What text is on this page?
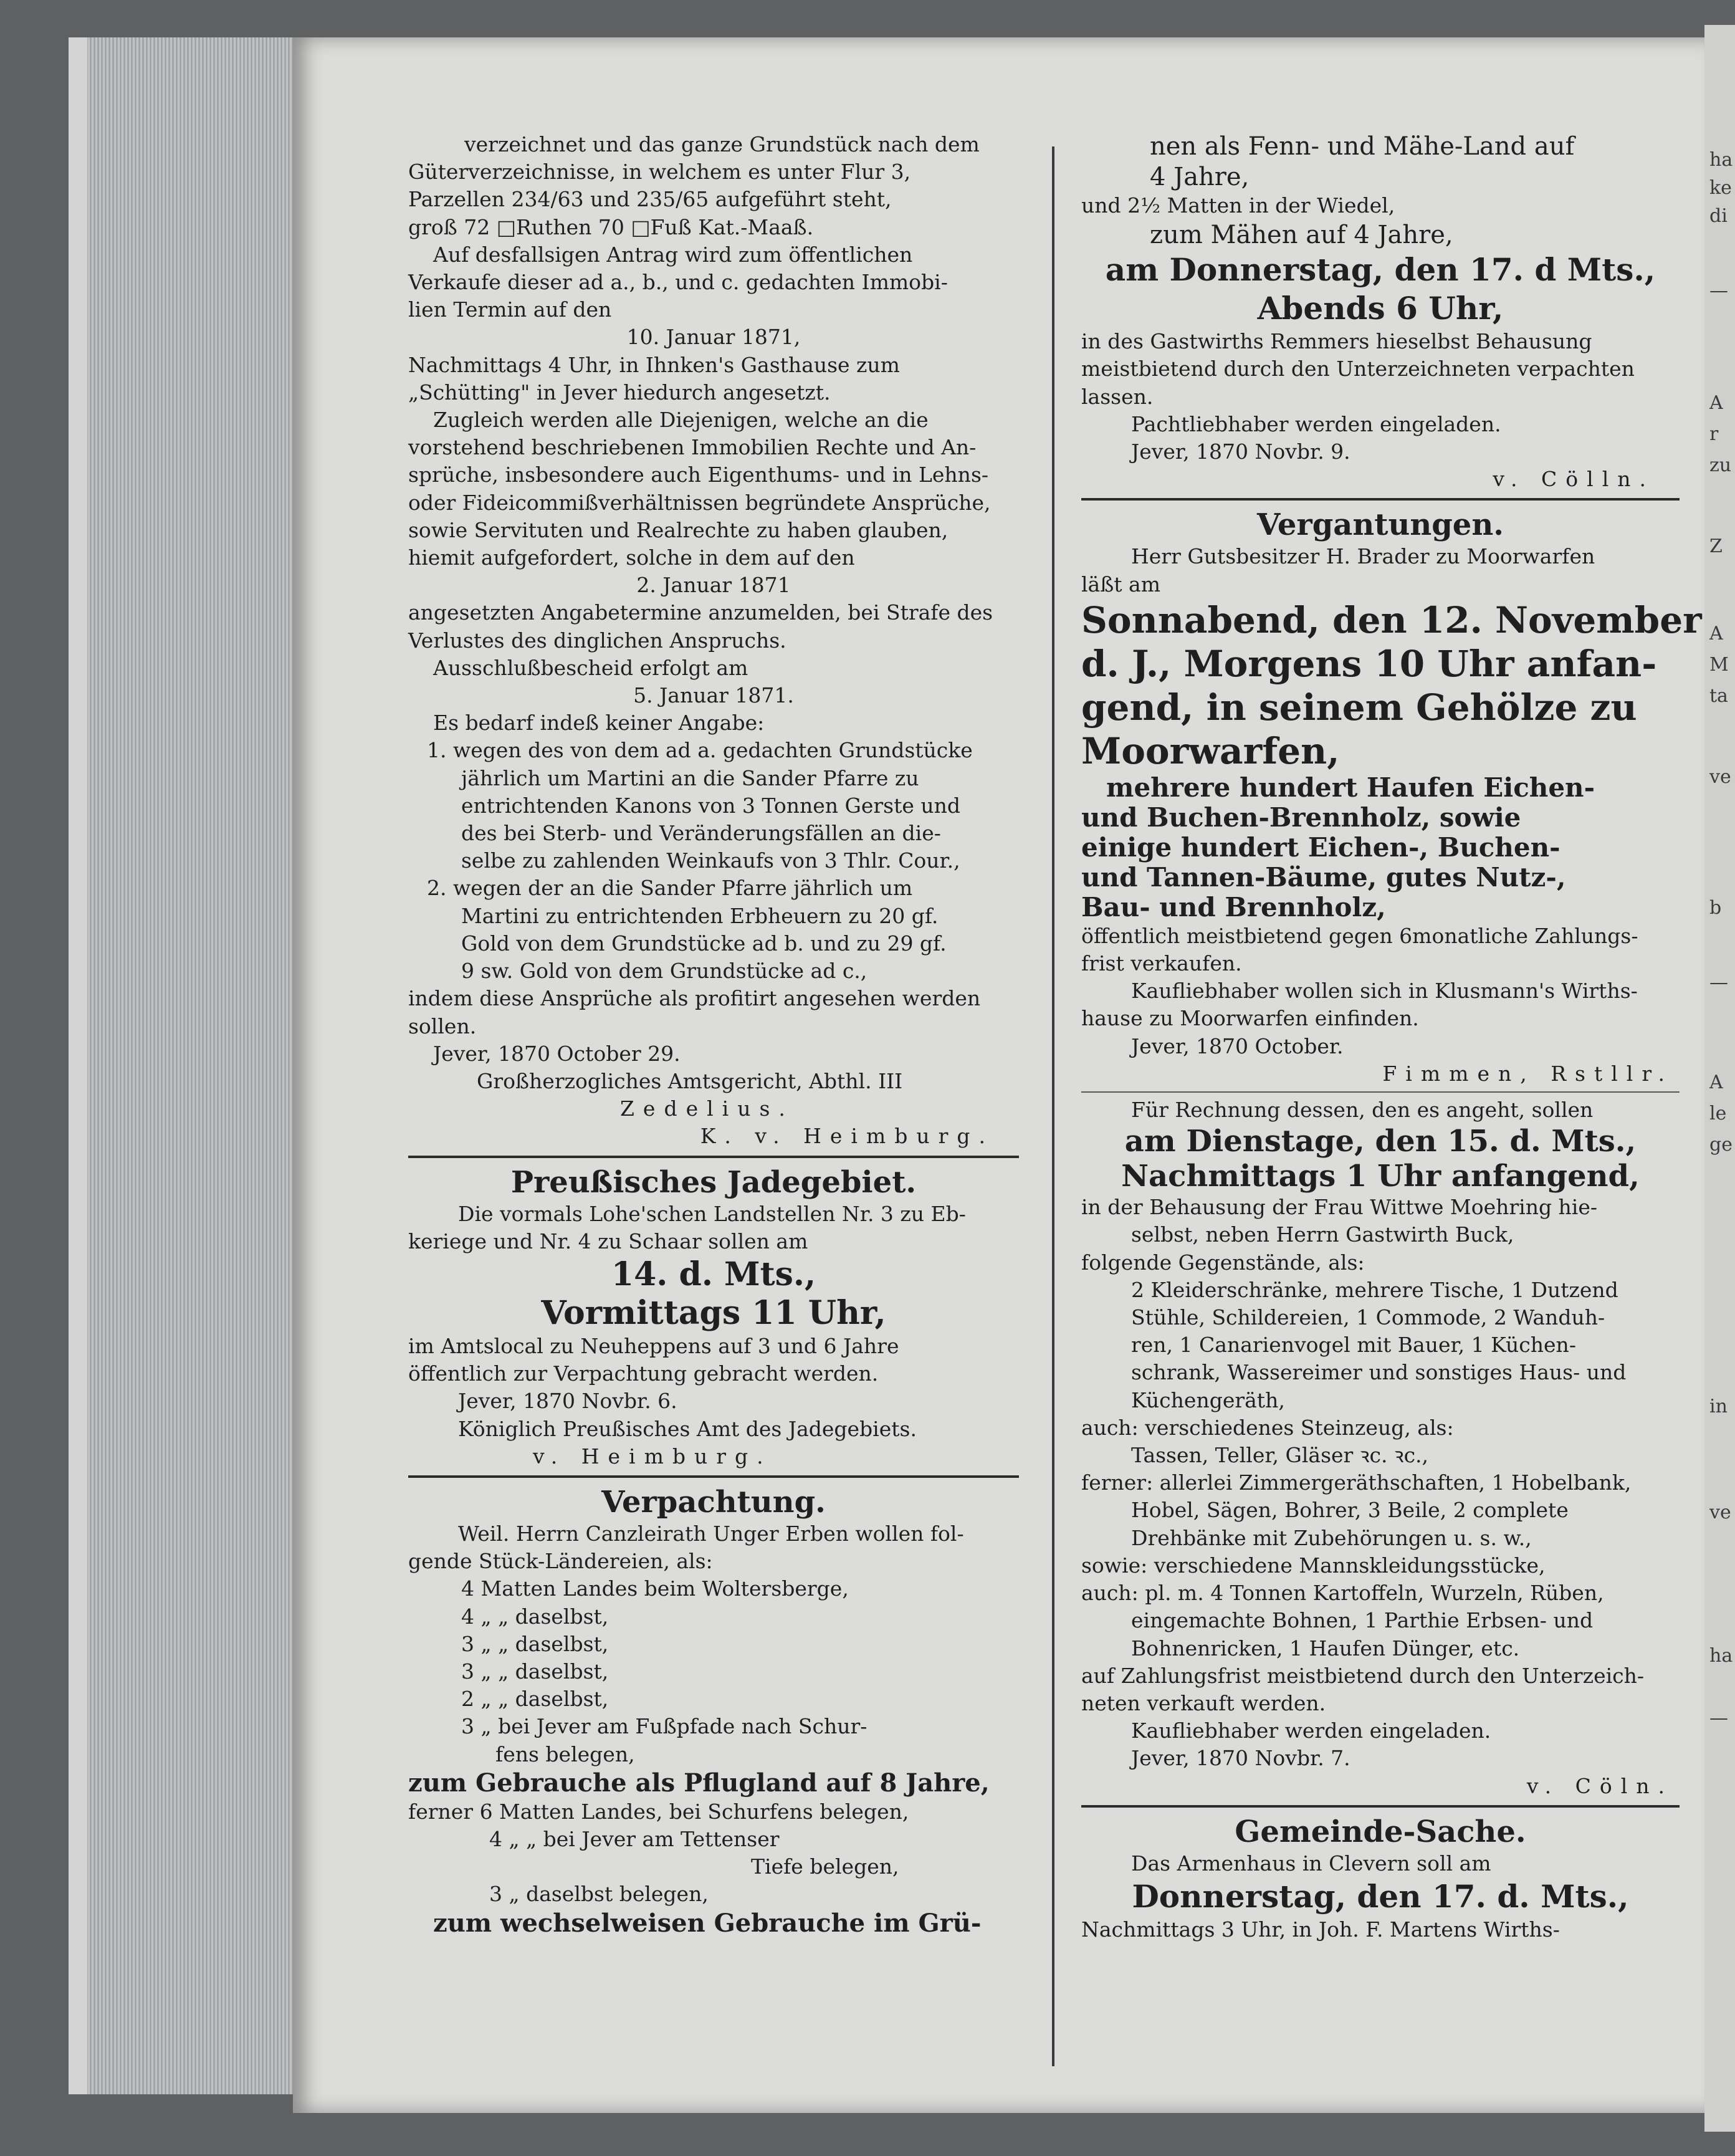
ha
ke
di
—
A
r
zu
Z
A
M
ta
ve
b
—
A
le
ge
in
ve
ha
—
verzeichnet und das ganze Grundstück nach dem
Güterverzeichnisse, in welchem es unter Flur 3,
Parzellen 234/63 und 235/65 aufgeführt steht,
groß 72 □Ruthen 70 □Fuß Kat.-Maaß.
Auf desfallsigen Antrag wird zum öffentlichen
Verkaufe dieser ad a., b., und c. gedachten Immobi-
lien Termin auf den
10. Januar 1871,
Nachmittags 4 Uhr, in Ihnken's Gasthause zum
„Schütting" in Jever hiedurch angesetzt.
Zugleich werden alle Diejenigen, welche an die
vorstehend beschriebenen Immobilien Rechte und An-
sprüche, insbesondere auch Eigenthums- und in Lehns-
oder Fideicommißverhältnissen begründete Ansprüche,
sowie Servituten und Realrechte zu haben glauben,
hiemit aufgefordert, solche in dem auf den
2. Januar 1871
angesetzten Angabetermine anzumelden, bei Strafe des
Verlustes des dinglichen Anspruchs.
Ausschlußbescheid erfolgt am
5. Januar 1871.
Es bedarf indeß keiner Angabe:
1. wegen des von dem ad a. gedachten Grundstücke
jährlich um Martini an die Sander Pfarre zu
entrichtenden Kanons von 3 Tonnen Gerste und
des bei Sterb- und Veränderungsfällen an die-
selbe zu zahlenden Weinkaufs von 3 Thlr. Cour.,
2. wegen der an die Sander Pfarre jährlich um
Martini zu entrichtenden Erbheuern zu 20 gf.
Gold von dem Grundstücke ad b. und zu 29 gf.
9 sw. Gold von dem Grundstücke ad c.,
indem diese Ansprüche als profitirt angesehen werden
sollen.
Jever, 1870 October 29.
Großherzogliches Amtsgericht, Abthl. III
Zedelius.
K. v. Heimburg.
Preußisches Jadegebiet.
Die vormals Lohe'schen Landstellen Nr. 3 zu Eb-
keriege und Nr. 4 zu Schaar sollen am
14. d. Mts.,
Vormittags 11 Uhr,
im Amtslocal zu Neuheppens auf 3 und 6 Jahre
öffentlich zur Verpachtung gebracht werden.
Jever, 1870 Novbr. 6.
Königlich Preußisches Amt des Jadegebiets.
v. Heimburg.
Verpachtung.
Weil. Herrn Canzleirath Unger Erben wollen fol-
gende Stück-Ländereien, als:
4 Matten Landes beim Woltersberge,
4 „ „ daselbst,
3 „ „ daselbst,
3 „ „ daselbst,
2 „ „ daselbst,
3 „ bei Jever am Fußpfade nach Schur-
fens belegen,
zum Gebrauche als Pflugland auf 8 Jahre,
ferner 6 Matten Landes, bei Schurfens belegen,
4 „ „ bei Jever am Tettenser
Tiefe belegen,
3 „ daselbst belegen,
zum wechselweisen Gebrauche im Grü-
nen als Fenn- und Mähe-Land auf
4 Jahre,
und 2½ Matten in der Wiedel,
zum Mähen auf 4 Jahre,
am Donnerstag, den 17. d Mts.,
Abends 6 Uhr,
in des Gastwirths Remmers hieselbst Behausung
meistbietend durch den Unterzeichneten verpachten
lassen.
Pachtliebhaber werden eingeladen.
Jever, 1870 Novbr. 9.
v. Cölln.
Vergantungen.
Herr Gutsbesitzer H. Brader zu Moorwarfen
läßt am
Sonnabend, den 12. November
d. J., Morgens 10 Uhr anfan-
gend, in seinem Gehölze zu
Moorwarfen,
mehrere hundert Haufen Eichen-
und Buchen-Brennholz, sowie
einige hundert Eichen-, Buchen-
und Tannen-Bäume, gutes Nutz-,
Bau- und Brennholz,
öffentlich meistbietend gegen 6monatliche Zahlungs-
frist verkaufen.
Kaufliebhaber wollen sich in Klusmann's Wirths-
hause zu Moorwarfen einfinden.
Jever, 1870 October.
Fimmen, Rstllr.
Für Rechnung dessen, den es angeht, sollen
am Dienstage, den 15. d. Mts.,
Nachmittags 1 Uhr anfangend,
in der Behausung der Frau Wittwe Moehring hie-
selbst, neben Herrn Gastwirth Buck,
folgende Gegenstände, als:
2 Kleiderschränke, mehrere Tische, 1 Dutzend
Stühle, Schildereien, 1 Commode, 2 Wanduh-
ren, 1 Canarienvogel mit Bauer, 1 Küchen-
schrank, Wassereimer und sonstiges Haus- und
Küchengeräth,
auch: verschiedenes Steinzeug, als:
Tassen, Teller, Gläser ꝛc. ꝛc.,
ferner: allerlei Zimmergeräthschaften, 1 Hobelbank,
Hobel, Sägen, Bohrer, 3 Beile, 2 complete
Drehbänke mit Zubehörungen u. s. w.,
sowie: verschiedene Mannskleidungsstücke,
auch: pl. m. 4 Tonnen Kartoffeln, Wurzeln, Rüben,
eingemachte Bohnen, 1 Parthie Erbsen- und
Bohnenricken, 1 Haufen Dünger, etc.
auf Zahlungsfrist meistbietend durch den Unterzeich-
neten verkauft werden.
Kaufliebhaber werden eingeladen.
Jever, 1870 Novbr. 7.
v. Cöln.
Gemeinde-Sache.
Das Armenhaus in Clevern soll am
Donnerstag, den 17. d. Mts.,
Nachmittags 3 Uhr, in Joh. F. Martens Wirths-
